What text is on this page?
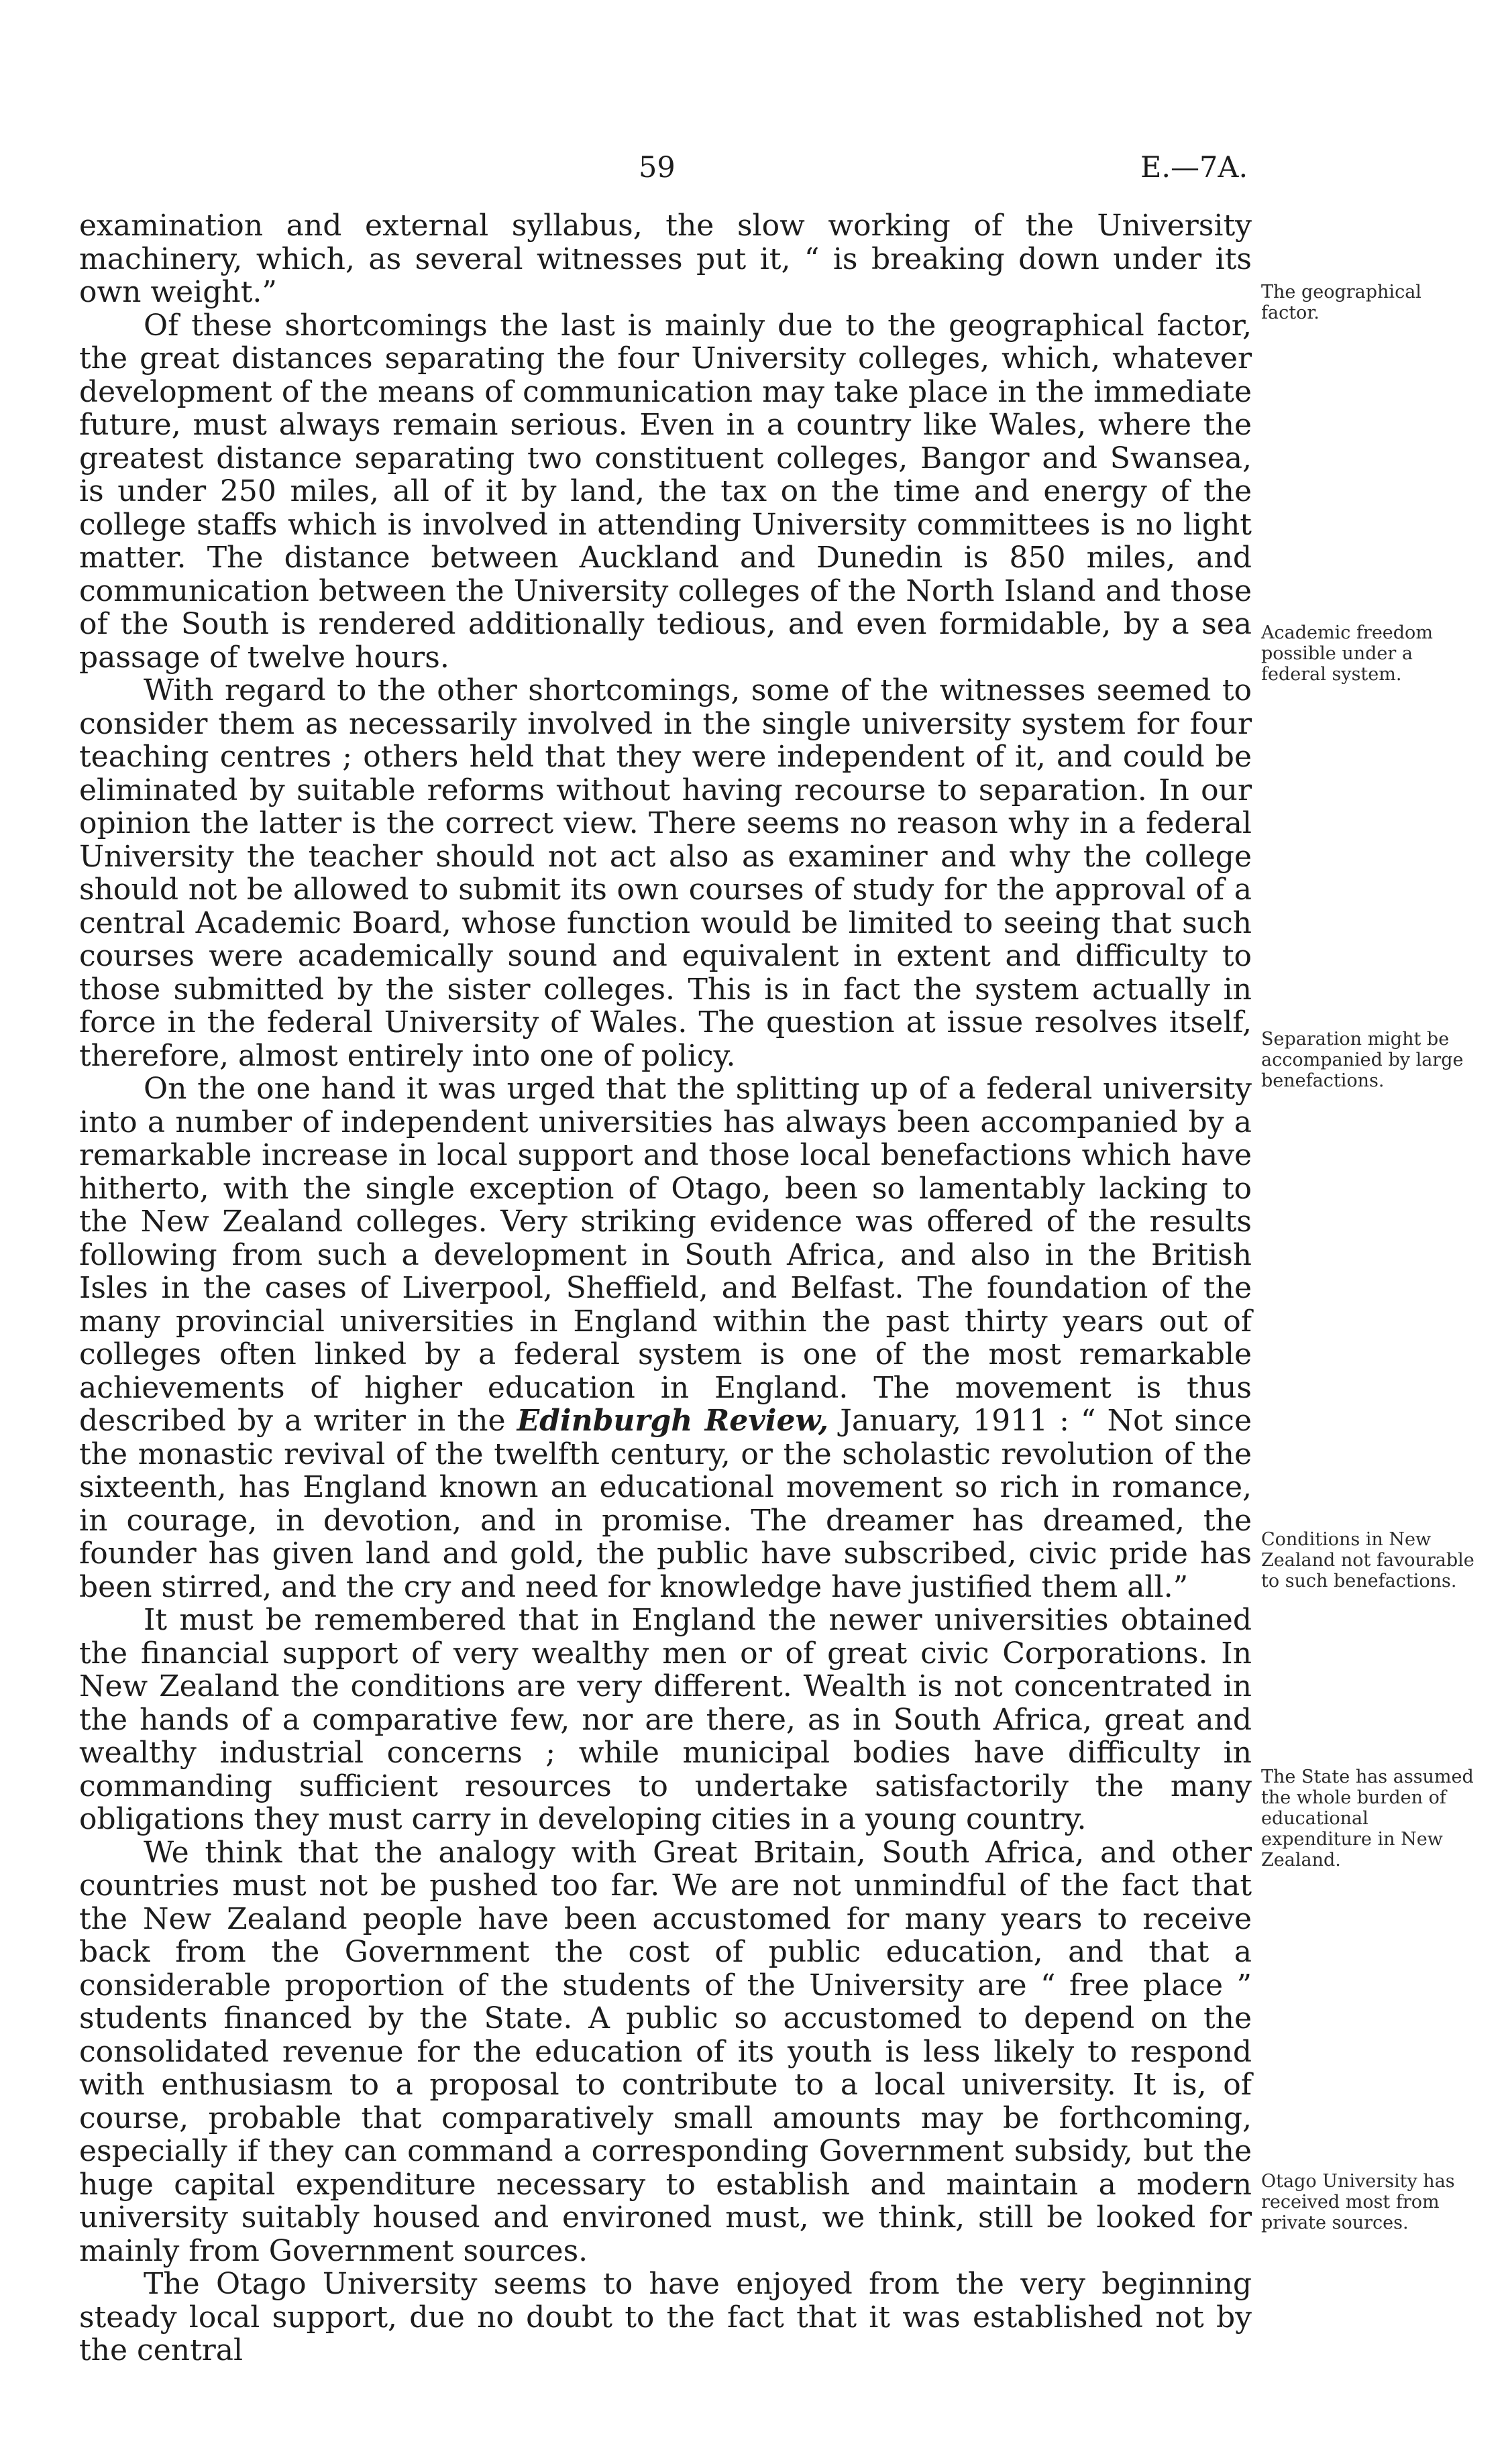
59	E.—7A.

examination and external syllabus, the slow working of the University machinery, which, as several witnesses put it, “ is breaking down under its own weight.”

Of these shortcomings the last is mainly due to the geographical factor, the great distances separating the four University colleges, which, whatever development of the means of communication may take place in the immediate future, must always remain serious. Even in a country like Wales, where the greatest distance separating two constituent colleges, Bangor and Swansea, is under 250 miles, all of it by land, the tax on the time and energy of the college staffs which is involved in attending University committees is no light matter. The distance between Auckland and Dunedin is 850 miles, and communication between the University colleges of the North Island and those of the South is rendered additionally tedious, and even formidable, by a sea passage of twelve hours.

With regard to the other shortcomings, some of the witnesses seemed to consider them as necessarily involved in the single university system for four teaching centres ; others held that they were independent of it, and could be eliminated by suitable reforms without having recourse to separation. In our opinion the latter is the correct view. There seems no reason why in a federal University the teacher should not act also as examiner and why the college should not be allowed to submit its own courses of study for the approval of a central Academic Board, whose function would be limited to seeing that such courses were academically sound and equivalent in extent and difficulty to those submitted by the sister colleges. This is in fact the system actually in force in the federal University of Wales. The question at issue resolves itself, therefore, almost entirely into one of policy.

On the one hand it was urged that the splitting up of a federal university into a number of independent universities has always been accompanied by a remarkable increase in local support and those local benefactions which have hitherto, with the single exception of Otago, been so lamentably lacking to the New Zealand colleges. Very striking evidence was offered of the results following from such a development in South Africa, and also in the British Isles in the cases of Liverpool, Sheffield, and Belfast. The foundation of the many provincial universities in England within the past thirty years out of colleges often linked by a federal system is one of the most remarkable achievements of higher education in England. The movement is thus described by a writer in the Edinburgh Review, January, 1911 : “ Not since the monastic revival of the twelfth century, or the scholastic revolution of the sixteenth, has England known an educational movement so rich in romance, in courage, in devotion, and in promise. The dreamer has dreamed, the founder has given land and gold, the public have subscribed, civic pride has been stirred, and the cry and need for knowledge have justified them all.”

It must be remembered that in England the newer universities obtained the financial support of very wealthy men or of great civic Corporations. In New Zealand the conditions are very different. Wealth is not concentrated in the hands of a comparative few, nor are there, as in South Africa, great and wealthy industrial concerns ; while municipal bodies have difficulty in commanding sufficient resources to undertake satisfactorily the many obligations they must carry in developing cities in a young country.

We think that the analogy with Great Britain, South Africa, and other countries must not be pushed too far. We are not unmindful of the fact that the New Zealand people have been accustomed for many years to receive back from the Government the cost of public education, and that a considerable proportion of the students of the University are “ free place ” students financed by the State. A public so accustomed to depend on the consolidated revenue for the education of its youth is less likely to respond with enthusiasm to a proposal to contribute to a local university. It is, of course, probable that comparatively small amounts may be forthcoming, especially if they can command a corresponding Government subsidy, but the huge capital expenditure necessary to establish and maintain a modern university suitably housed and environed must, we think, still be looked for mainly from Government sources.

The Otago University seems to have enjoyed from the very beginning steady local support, due no doubt to the fact that it was established not by the central

The geographical factor.
Academic freedom possible under a federal system.
Separation might be accompanied by large benefactions.
Conditions in New Zealand not favourable to such benefactions.
The State has assumed the whole burden of educational expenditure in New Zealand.
Otago University has received most from private sources.
